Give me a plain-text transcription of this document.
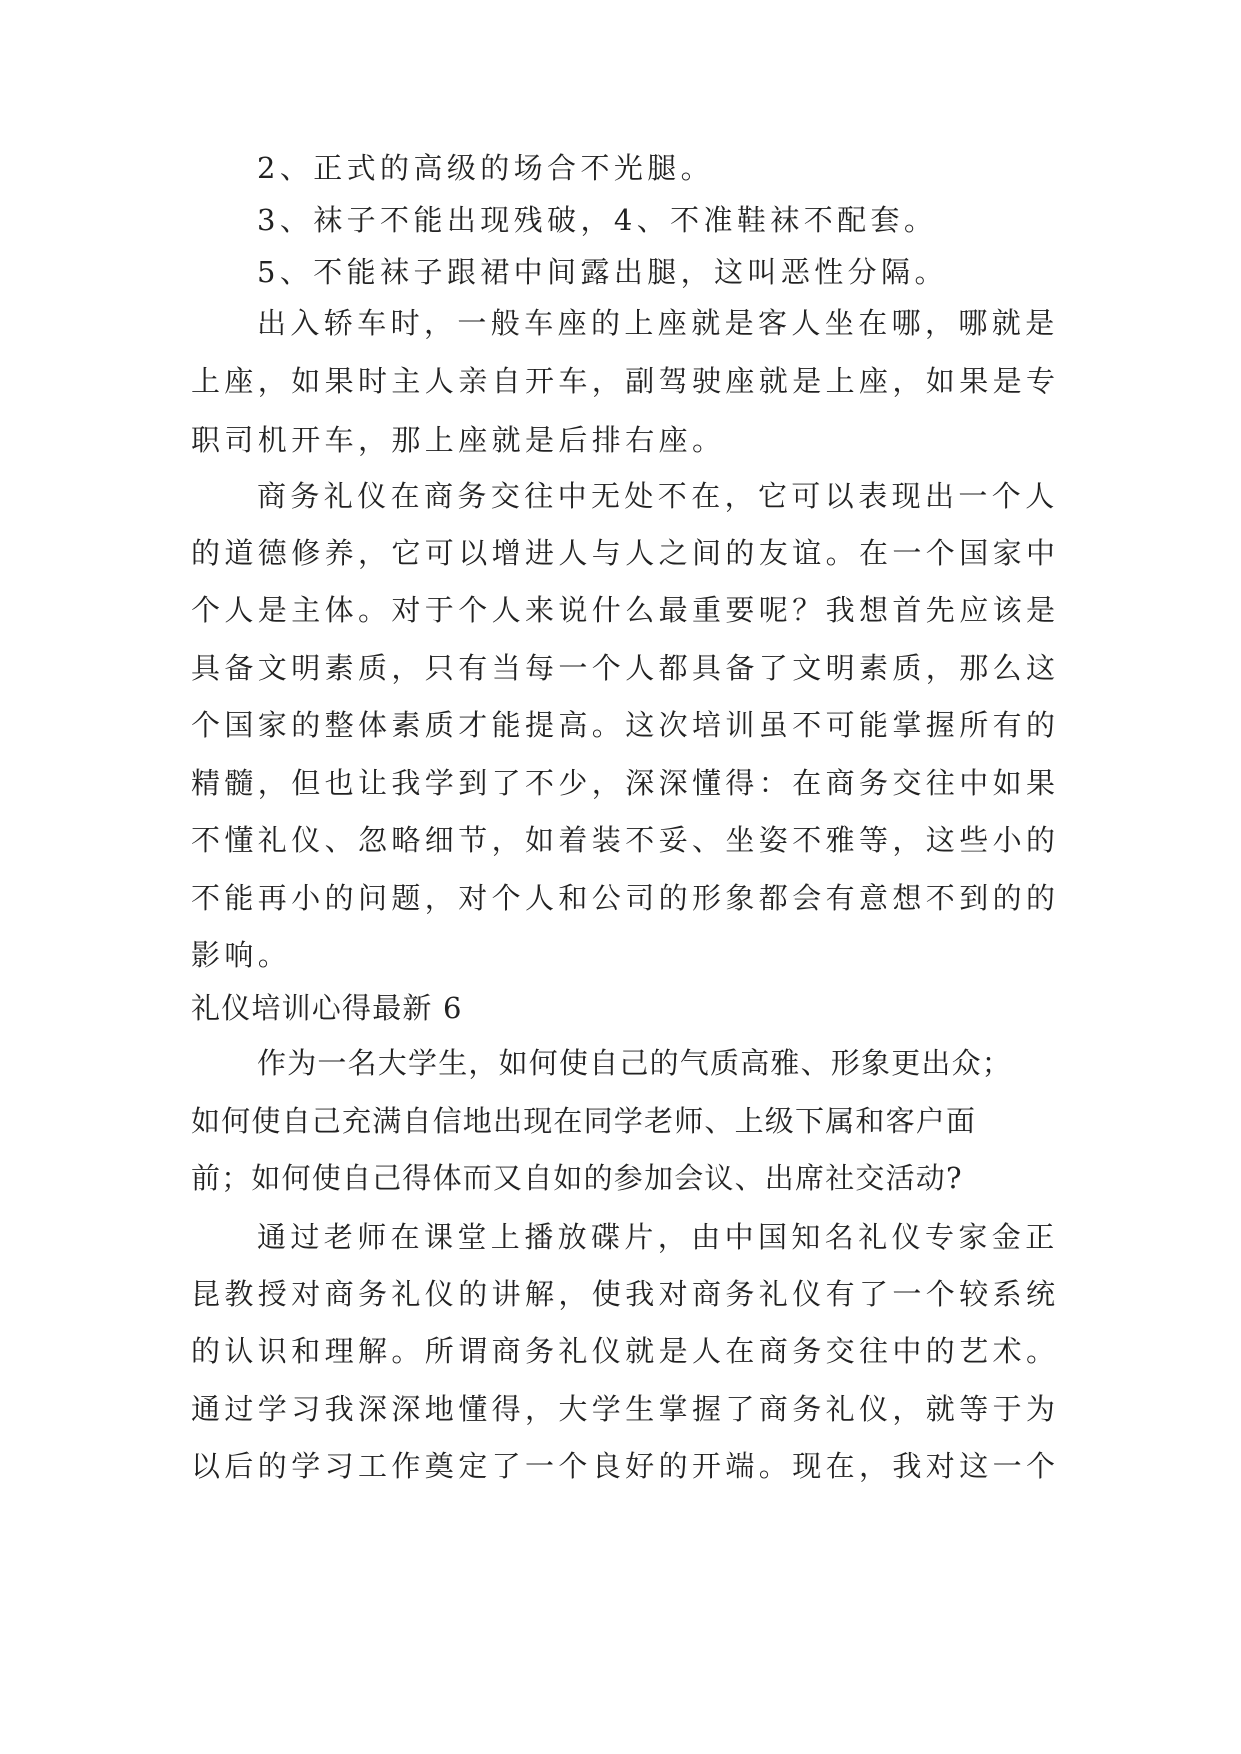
2、正式的高级的场合不光腿。
3、袜子不能出现残破，4、不准鞋袜不配套。
5、不能袜子跟裙中间露出腿，这叫恶性分隔。
出入轿车时，一般车座的上座就是客人坐在哪，哪就是
上座，如果时主人亲自开车，副驾驶座就是上座，如果是专
职司机开车，那上座就是后排右座。
商务礼仪在商务交往中无处不在，它可以表现出一个人
的道德修养，它可以增进人与人之间的友谊。在一个国家中
个人是主体。对于个人来说什么最重要呢？我想首先应该是
具备文明素质，只有当每一个人都具备了文明素质，那么这
个国家的整体素质才能提高。这次培训虽不可能掌握所有的
精髓，但也让我学到了不少，深深懂得：在商务交往中如果
不懂礼仪、忽略细节，如着装不妥、坐姿不雅等，这些小的
不能再小的问题，对个人和公司的形象都会有意想不到的的
影响。
礼仪培训心得最新 6
作为一名大学生，如何使自己的气质高雅、形象更出众；
如何使自己充满自信地出现在同学老师、上级下属和客户面
前；如何使自己得体而又自如的参加会议、出席社交活动?
通过老师在课堂上播放碟片，由中国知名礼仪专家金正
昆教授对商务礼仪的讲解，使我对商务礼仪有了一个较系统
的认识和理解。所谓商务礼仪就是人在商务交往中的艺术。
通过学习我深深地懂得，大学生掌握了商务礼仪，就等于为
以后的学习工作奠定了一个良好的开端。现在，我对这一个
